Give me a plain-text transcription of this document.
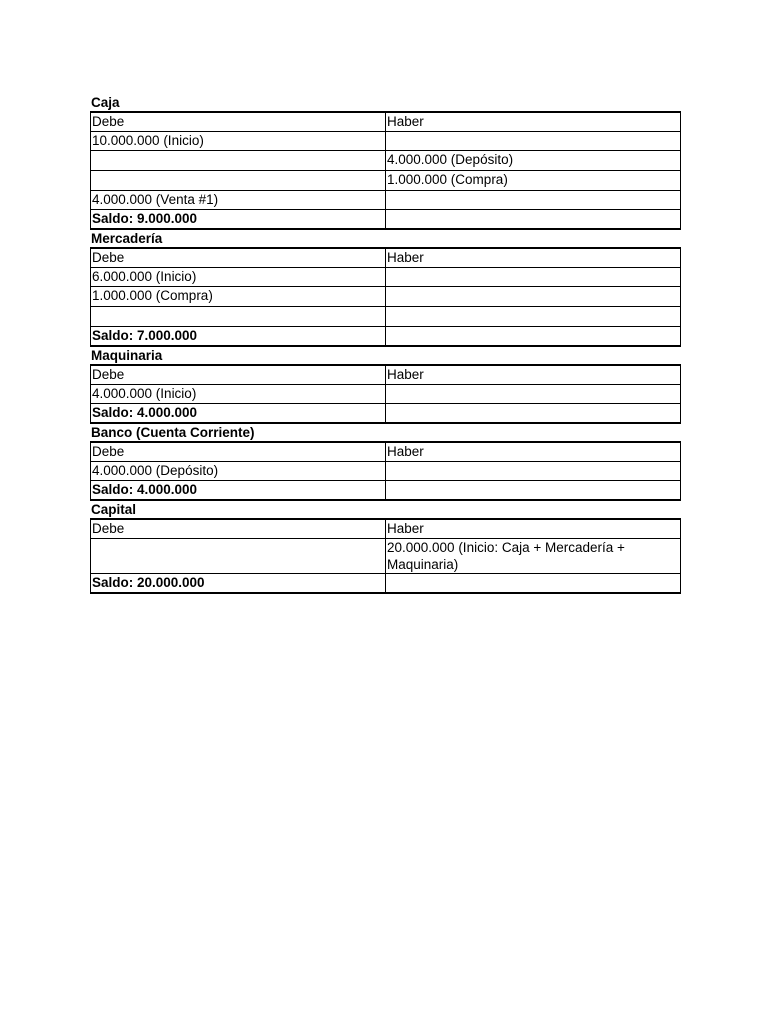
Caja
Debe	Haber
10.000.000 (Inicio)	
	4.000.000 (Depósito)
	1.000.000 (Compra)
4.000.000 (Venta #1)	
Saldo: 9.000.000	
Mercadería
Debe	Haber
6.000.000 (Inicio)	
1.000.000 (Compra)	

Saldo: 7.000.000	
Maquinaria
Debe	Haber
4.000.000 (Inicio)	
Saldo: 4.000.000	
Banco (Cuenta Corriente)
Debe	Haber
4.000.000 (Depósito)	
Saldo: 4.000.000	
Capital
Debe	Haber
	20.000.000 (Inicio: Caja + Mercadería + Maquinaria)
Saldo: 20.000.000	
